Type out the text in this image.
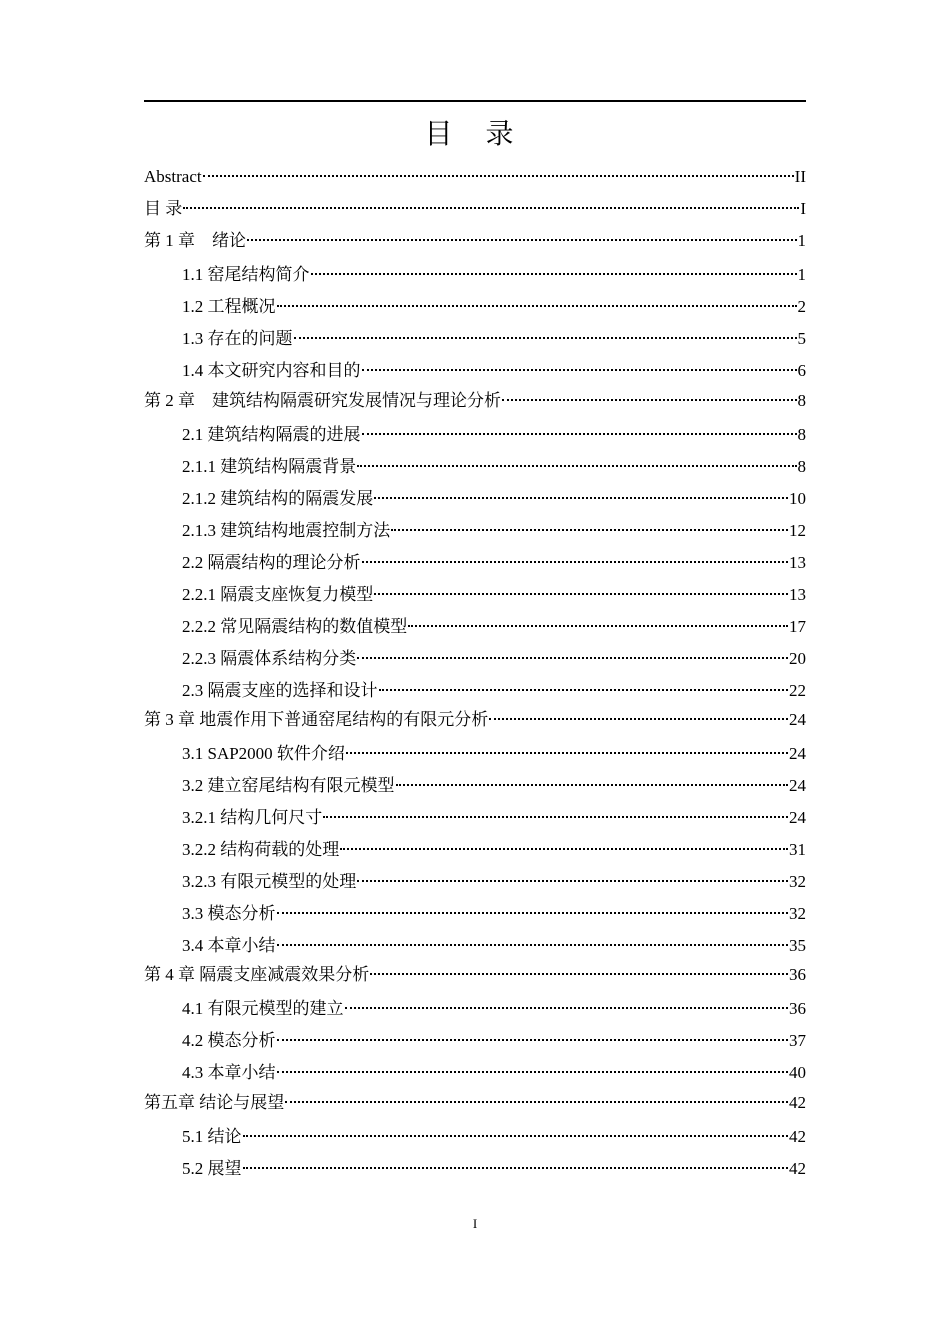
目 录
Abstract	II
目 录	I
第 1 章　绪论	1
1.1 窑尾结构简介	1
1.2 工程概况	2
1.3 存在的问题	5
1.4 本文研究内容和目的	6
第 2 章　建筑结构隔震研究发展情况与理论分析	8
2.1 建筑结构隔震的进展	8
2.1.1 建筑结构隔震背景	8
2.1.2 建筑结构的隔震发展	10
2.1.3 建筑结构地震控制方法	12
2.2 隔震结构的理论分析	13
2.2.1 隔震支座恢复力模型	13
2.2.2 常见隔震结构的数值模型	17
2.2.3 隔震体系结构分类	20
2.3 隔震支座的选择和设计	22
第 3 章 地震作用下普通窑尾结构的有限元分析	24
3.1 SAP2000 软件介绍	24
3.2 建立窑尾结构有限元模型	24
3.2.1 结构几何尺寸	24
3.2.2 结构荷载的处理	31
3.2.3 有限元模型的处理	32
3.3 模态分析	32
3.4 本章小结	35
第 4 章 隔震支座减震效果分析	36
4.1 有限元模型的建立	36
4.2 模态分析	37
4.3 本章小结	40
第五章 结论与展望	42
5.1 结论	42
5.2 展望	42
I
